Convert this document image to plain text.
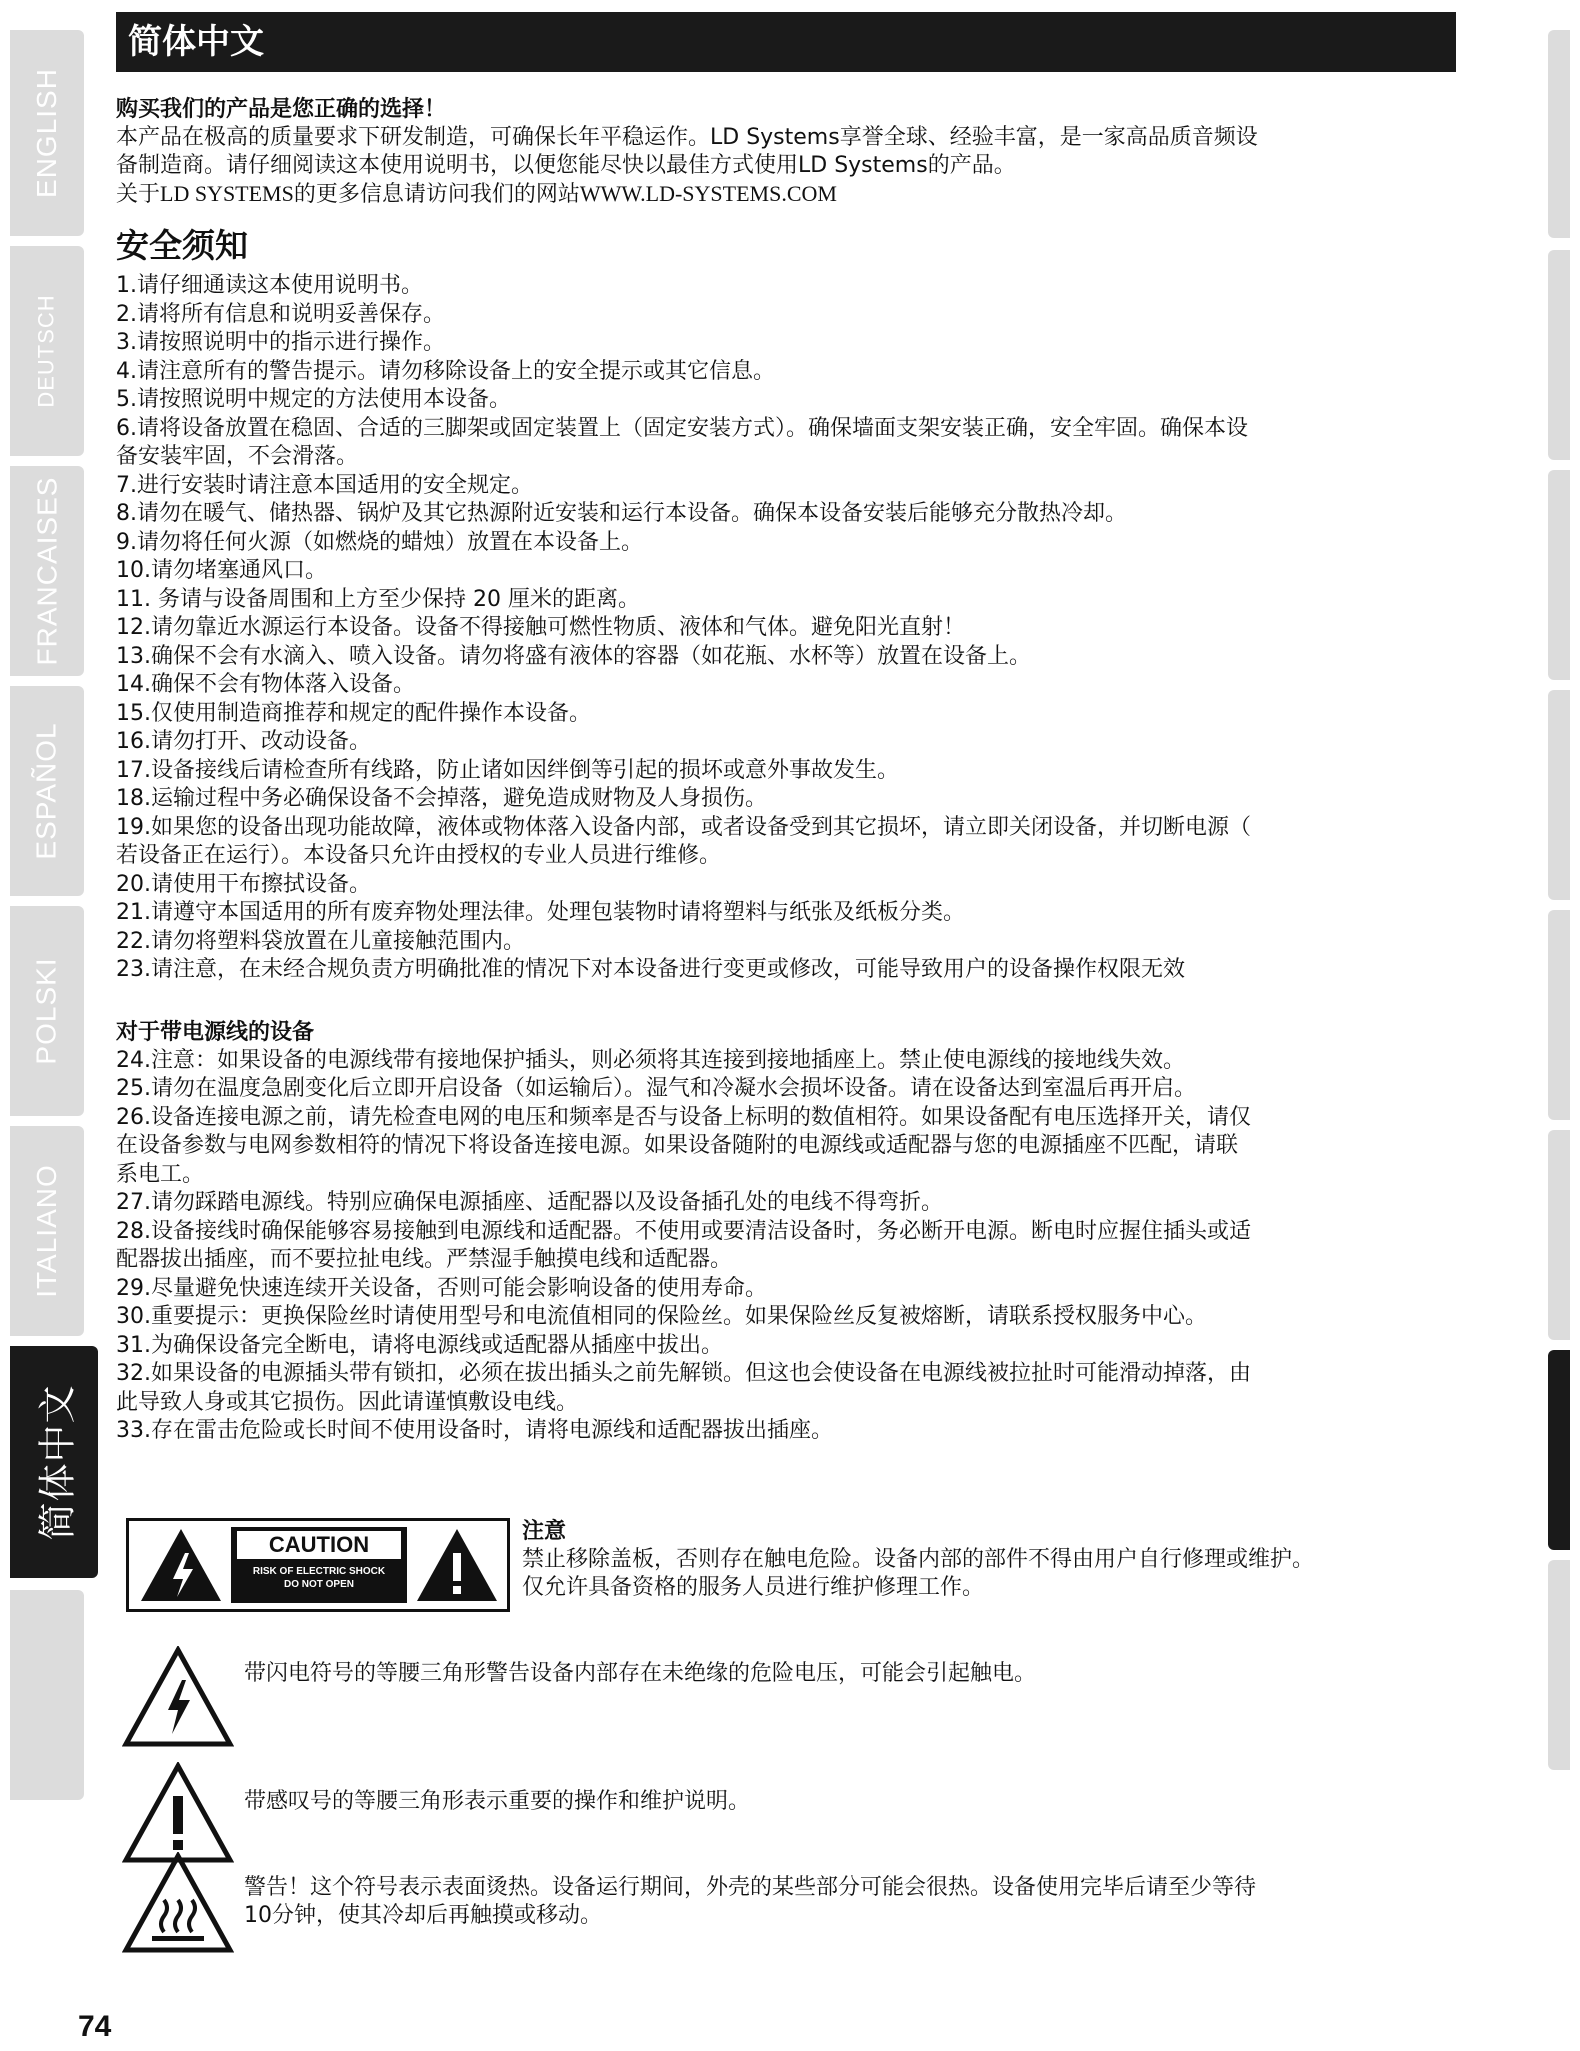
ENGLISH
DEUTSCH
FRANCAISES
ESPAÑOL
POLSKI
ITALIANO
简体中文
简体中文

购买我们的产品是您正确的选择！

本产品在极高的质量要求下研发制造，可确保长年平稳运作。LD Systems享誉全球、经验丰富，是一家高品质音频设

备制造商。请仔细阅读这本使用说明书，以便您能尽快以最佳方式使用LD Systems的产品。

关于LD SYSTEMS的更多信息请访问我们的网站WWW.LD-SYSTEMS.COM

安全须知
1.请仔细通读这本使用说明书。
2.请将所有信息和说明妥善保存。
3.请按照说明中的指示进行操作。
4.请注意所有的警告提示。请勿移除设备上的安全提示或其它信息。
5.请按照说明中规定的方法使用本设备。
6.请将设备放置在稳固、合适的三脚架或固定装置上（固定安装方式）。确保墙面支架安装正确，安全牢固。确保本设
备安装牢固，不会滑落。
7.进行安装时请注意本国适用的安全规定。
8.请勿在暖气、储热器、锅炉及其它热源附近安装和运行本设备。确保本设备安装后能够充分散热冷却。
9.请勿将任何火源（如燃烧的蜡烛）放置在本设备上。
10.请勿堵塞通风口。
11. 务请与设备周围和上方至少保持 20 厘米的距离。
12.请勿靠近水源运行本设备。设备不得接触可燃性物质、液体和气体。避免阳光直射！
13.确保不会有水滴入、喷入设备。请勿将盛有液体的容器（如花瓶、水杯等）放置在设备上。
14.确保不会有物体落入设备。
15.仅使用制造商推荐和规定的配件操作本设备。
16.请勿打开、改动设备。
17.设备接线后请检查所有线路，防止诸如因绊倒等引起的损坏或意外事故发生。
18.运输过程中务必确保设备不会掉落，避免造成财物及人身损伤。
19.如果您的设备出现功能故障，液体或物体落入设备内部，或者设备受到其它损坏，请立即关闭设备，并切断电源（
若设备正在运行）。本设备只允许由授权的专业人员进行维修。
20.请使用干布擦拭设备。
21.请遵守本国适用的所有废弃物处理法律。处理包装物时请将塑料与纸张及纸板分类。
22.请勿将塑料袋放置在儿童接触范围内。
23.请注意，在未经合规负责方明确批准的情况下对本设备进行变更或修改，可能导致用户的设备操作权限无效

对于带电源线的设备

24.注意：如果设备的电源线带有接地保护插头，则必须将其连接到接地插座上。禁止使电源线的接地线失效。
25.请勿在温度急剧变化后立即开启设备（如运输后）。湿气和冷凝水会损坏设备。请在设备达到室温后再开启。
26.设备连接电源之前，请先检查电网的电压和频率是否与设备上标明的数值相符。如果设备配有电压选择开关，请仅
在设备参数与电网参数相符的情况下将设备连接电源。如果设备随附的电源线或适配器与您的电源插座不匹配，请联
系电工。
27.请勿踩踏电源线。特别应确保电源插座、适配器以及设备插孔处的电线不得弯折。
28.设备接线时确保能够容易接触到电源线和适配器。不使用或要清洁设备时，务必断开电源。断电时应握住插头或适
配器拔出插座，而不要拉扯电线。严禁湿手触摸电线和适配器。
29.尽量避免快速连续开关设备，否则可能会影响设备的使用寿命。
30.重要提示：更换保险丝时请使用型号和电流值相同的保险丝。如果保险丝反复被熔断，请联系授权服务中心。
31.为确保设备完全断电，请将电源线或适配器从插座中拔出。
32.如果设备的电源插头带有锁扣，必须在拔出插头之前先解锁。但这也会使设备在电源线被拉扯时可能滑动掉落，由
此导致人身或其它损伤。因此请谨慎敷设电线。
33.存在雷击危险或长时间不使用设备时，请将电源线和适配器拔出插座。
CAUTION
RISK OF ELECTRIC SHOCK
DO NOT OPEN

注意

禁止移除盖板，否则存在触电危险。设备内部的部件不得由用户自行修理或维护。

仅允许具备资格的服务人员进行维护修理工作。

带闪电符号的等腰三角形警告设备内部存在未绝缘的危险电压，可能会引起触电。
带感叹号的等腰三角形表示重要的操作和维护说明。
警告！这个符号表示表面烫热。设备运行期间，外壳的某些部分可能会很热。设备使用完毕后请至少等待
10分钟，使其冷却后再触摸或移动。
74
